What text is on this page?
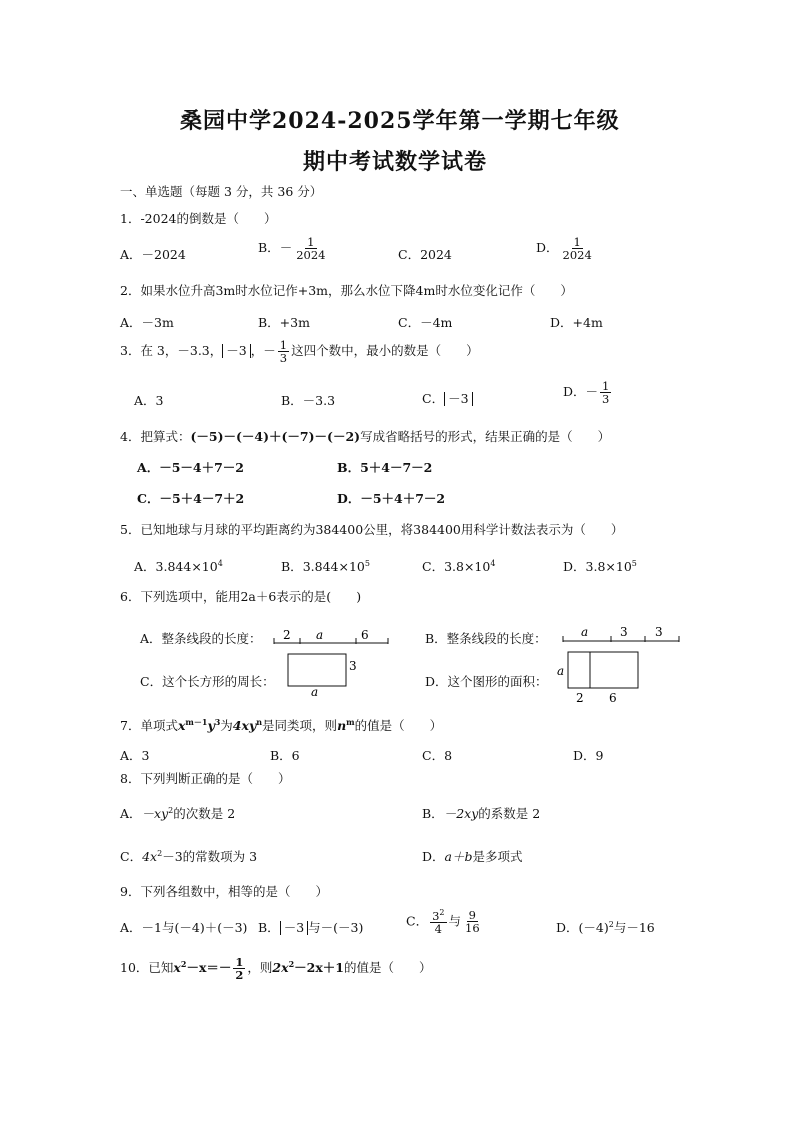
桑园中学2024-2025学年第一学期七年级
期中考试数学试卷
一、单选题（每题 3 分，共 36 分）
1．-2024的倒数是（　　）
A．－2024	B．－ $\frac{1}{2024}$	C．2024	D． $\frac{1}{2024}$
2．如果水位升高3m时水位记作+3m，那么水位下降4m时水位变化记作（　　）
A．－3m	B．+3m	C．－4m	D．+4m
3．在 3，－3.3， －3 ，－ $\frac{1}{3}$ 这四个数中，最小的数是（　　）
A．3	B．－3.3	C． －3	D．－ $\frac{1}{3}$
4．把算式：(－5)－(－4)＋(－7)－(－2)写成省略括号的形式，结果正确的是（　　）
A．－5－4＋7－2	B．5＋4－7－2
C．－5＋4－7＋2	D．－5＋4＋7－2
5．已知地球与月球的平均距离约为384400公里，将384400用科学计数法表示为（　　）
A．$3.844\times 10^4$	B．$3.844\times 10^5$	C．$3.8\times 10^4$	D．$3.8\times 10^5$
6．下列选项中，能用2a＋6表示的是(　　)
A．整条线段的长度： 2 a	6	B．整条线段的长度：	a	3 3
C．这个长方形的周长：
3
a
D．这个图形的面积：
a
2 6
7．单项式$x^{m-1}y^3$为$4xy^n$是同类项，则$n^m$的值是（　　）
A．3	B．6	C．8	D．9
8．下列判断正确的是（　　）
A．$-xy^2$的次数是 2	B．－2xy的系数是 2
C．$4x^2-3$的常数项为 3	D．a＋b是多项式
9．下列各组数中，相等的是（　　）
A．－1与(－4)＋(－3) B． －3 与－(－3)	C． $\frac{3^2}{4}$ 与 $\frac{9}{16}$	D．$(-4)^2$与－16
10．已知$x^2-x=- \frac{1}{2}$ ，则$2x^2-2x+1$的值是（　　）
